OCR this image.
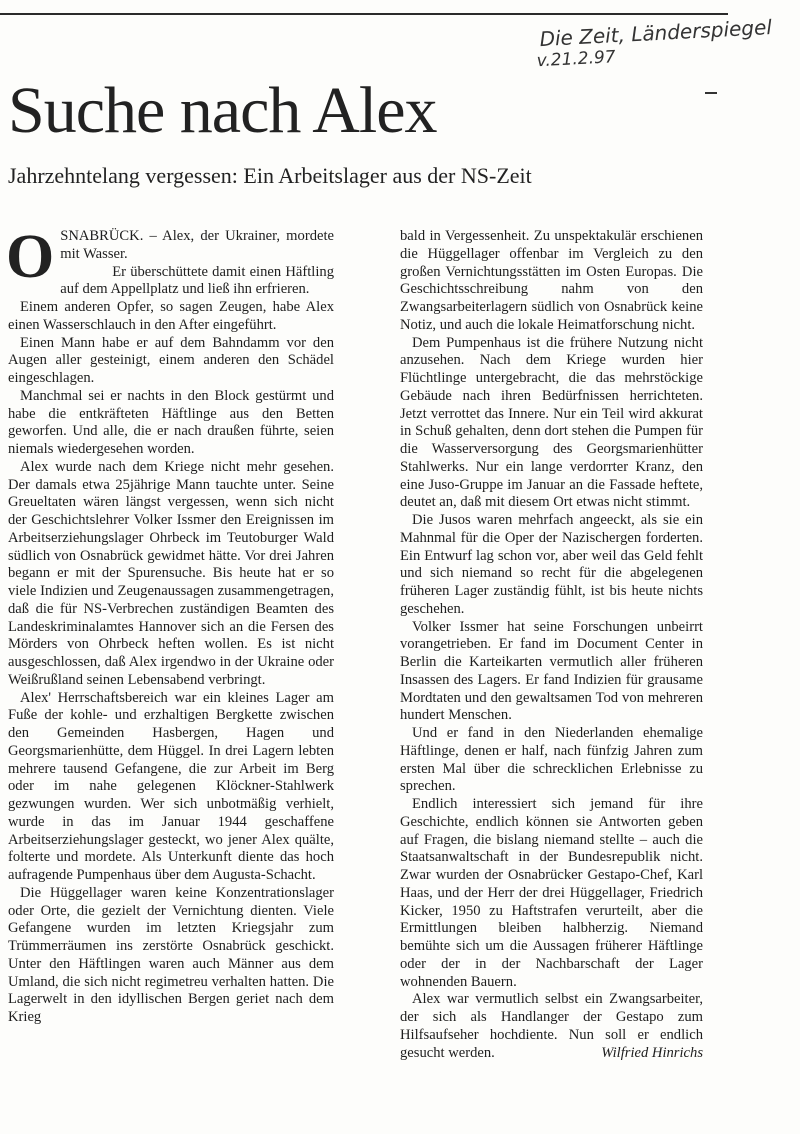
Die Zeit, Länderspiegel
v.21.2.97
Suche nach Alex
Jahrzehntelang vergessen: Ein Arbeitslager aus der NS-Zeit

OSNABRÜCK. – Alex, der Ukrainer, mordete mit Wasser.

Er überschüttete damit einen Häftling auf dem Appellplatz und ließ ihn erfrieren.

Einem anderen Opfer, so sagen Zeugen, habe Alex einen Wasserschlauch in den After eingeführt.

Einen Mann habe er auf dem Bahndamm vor den Augen aller gesteinigt, einem anderen den Schädel eingeschlagen.

Manchmal sei er nachts in den Block gestürmt und habe die entkräfteten Häftlinge aus den Betten geworfen. Und alle, die er nach draußen führte, seien niemals wiedergesehen worden.

Alex wurde nach dem Kriege nicht mehr gesehen. Der damals etwa 25jährige Mann tauchte unter. Seine Greueltaten wären längst vergessen, wenn sich nicht der Geschichtslehrer Volker Issmer den Ereignissen im Arbeitserziehungslager Ohrbeck im Teutoburger Wald südlich von Osnabrück gewidmet hätte. Vor drei Jahren begann er mit der Spurensuche. Bis heute hat er so viele Indizien und Zeugenaussagen zusammengetragen, daß die für NS-Verbrechen zuständigen Beamten des Landeskriminalamtes Hannover sich an die Fersen des Mörders von Ohrbeck heften wollen. Es ist nicht ausgeschlossen, daß Alex irgendwo in der Ukraine oder Weißrußland seinen Lebensabend verbringt.

Alex' Herrschaftsbereich war ein kleines Lager am Fuße der kohle- und erzhaltigen Bergkette zwischen den Gemeinden Hasbergen, Hagen und Georgsmarienhütte, dem Hüggel. In drei Lagern lebten mehrere tausend Gefangene, die zur Arbeit im Berg oder im nahe gelegenen Klöckner-Stahlwerk gezwungen wurden. Wer sich unbotmäßig verhielt, wurde in das im Januar 1944 geschaffene Arbeitserziehungslager gesteckt, wo jener Alex quälte, folterte und mordete. Als Unterkunft diente das hoch aufragende Pumpenhaus über dem Augusta-Schacht.

Die Hüggellager waren keine Konzentrationslager oder Orte, die gezielt der Vernichtung dienten. Viele Gefangene wurden im letzten Kriegsjahr zum Trümmerräumen ins zerstörte Osnabrück geschickt. Unter den Häftlingen waren auch Männer aus dem Umland, die sich nicht regimetreu verhalten hatten. Die Lagerwelt in den idyllischen Bergen geriet nach dem Krieg

bald in Vergessenheit. Zu unspektakulär erschienen die Hüggellager offenbar im Vergleich zu den großen Vernichtungsstätten im Osten Europas. Die Geschichtsschreibung nahm von den Zwangsarbeiterlagern südlich von Osnabrück keine Notiz, und auch die lokale Heimatforschung nicht.

Dem Pumpenhaus ist die frühere Nutzung nicht anzusehen. Nach dem Kriege wurden hier Flüchtlinge untergebracht, die das mehrstöckige Gebäude nach ihren Bedürfnissen herrichteten. Jetzt verrottet das Innere. Nur ein Teil wird akkurat in Schuß gehalten, denn dort stehen die Pumpen für die Wasserversorgung des Georgsmarienhütter Stahlwerks. Nur ein lange verdorrter Kranz, den eine Juso-Gruppe im Januar an die Fassade heftete, deutet an, daß mit diesem Ort etwas nicht stimmt.

Die Jusos waren mehrfach angeeckt, als sie ein Mahnmal für die Oper der Nazischergen forderten. Ein Entwurf lag schon vor, aber weil das Geld fehlt und sich niemand so recht für die abgelegenen früheren Lager zuständig fühlt, ist bis heute nichts geschehen.

Volker Issmer hat seine Forschungen unbeirrt vorangetrieben. Er fand im Document Center in Berlin die Karteikarten vermutlich aller früheren Insassen des Lagers. Er fand Indizien für grausame Mordtaten und den gewaltsamen Tod von mehreren hundert Menschen.

Und er fand in den Niederlanden ehemalige Häftlinge, denen er half, nach fünfzig Jahren zum ersten Mal über die schrecklichen Erlebnisse zu sprechen.

Endlich interessiert sich jemand für ihre Geschichte, endlich können sie Antworten geben auf Fragen, die bislang niemand stellte – auch die Staatsanwaltschaft in der Bundesrepublik nicht. Zwar wurden der Osnabrücker Gestapo-Chef, Karl Haas, und der Herr der drei Hüggellager, Friedrich Kicker, 1950 zu Haftstrafen verurteilt, aber die Ermittlungen bleiben halbherzig. Niemand bemühte sich um die Aussagen früherer Häftlinge oder der in der Nachbarschaft der Lager wohnenden Bauern.

Alex war vermutlich selbst ein Zwangsarbeiter, der sich als Handlanger der Gestapo zum Hilfsaufseher hochdiente. Nun soll er endlich gesucht werden.	Wilfried Hinrichs
